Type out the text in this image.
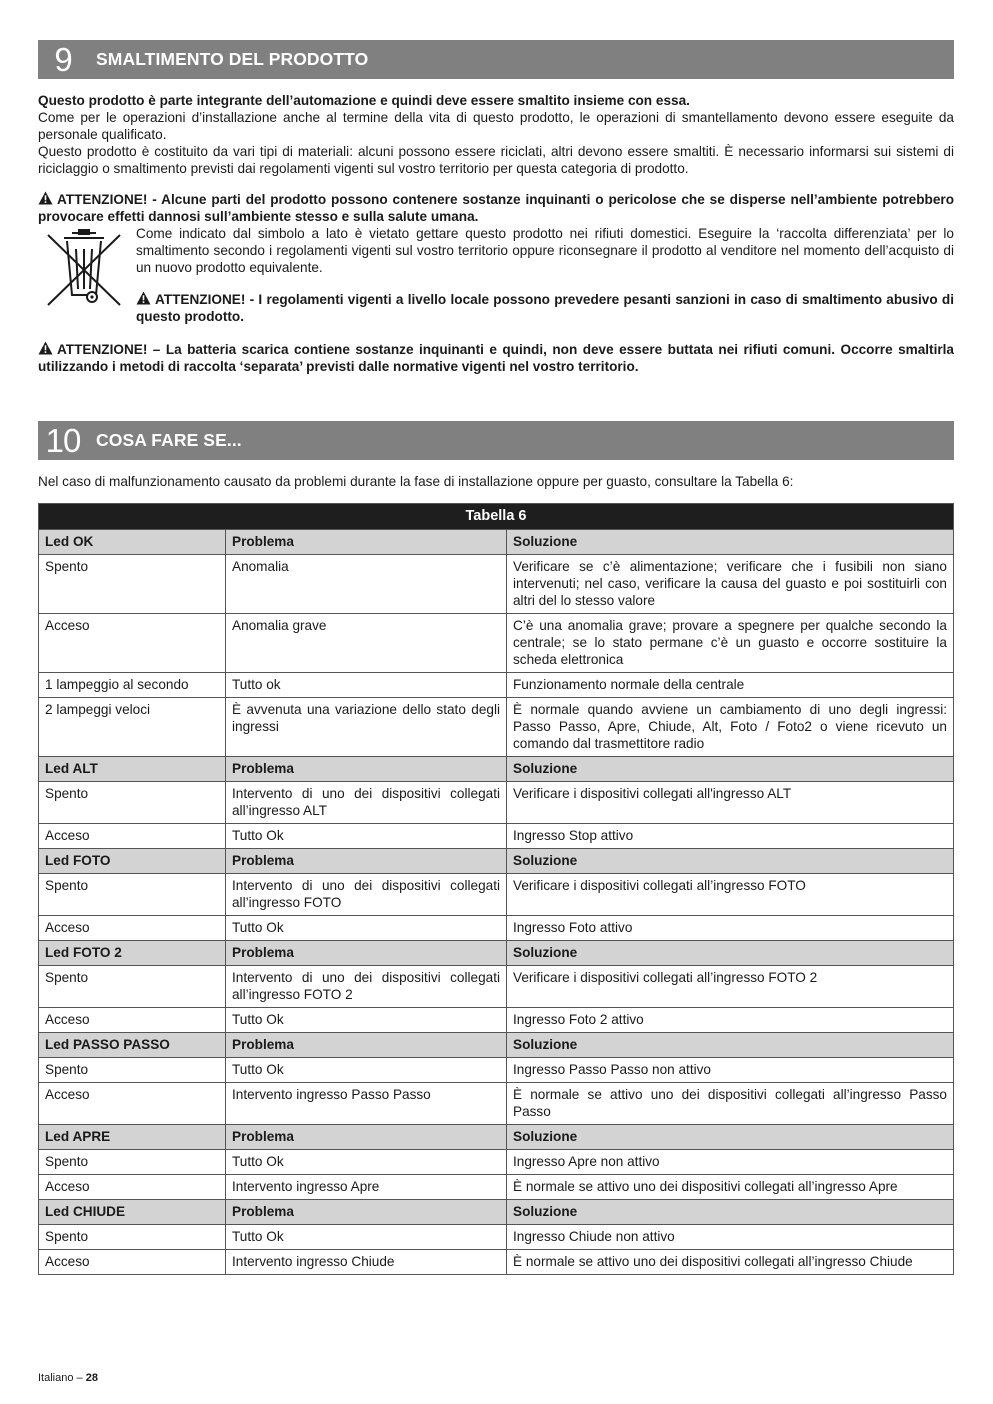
9	SMALTIMENTO DEL PRODOTTO
Questo prodotto è parte integrante dell’automazione e quindi deve essere smaltito insieme con essa.
Come per le operazioni d’installazione anche al termine della vita di questo prodotto, le operazioni di smantellamento devono essere eseguite da personale qualificato.
Questo prodotto è costituito da vari tipi di materiali: alcuni possono essere riciclati, altri devono essere smaltiti. È necessario informarsi sui sistemi di riciclaggio o smaltimento previsti dai regolamenti vigenti sul vostro territorio per questa categoria di prodotto.
ATTENZIONE! - Alcune parti del prodotto possono contenere sostanze inquinanti o pericolose che se disperse nell’ambiente potrebbero provocare effetti dannosi sull’ambiente stesso e sulla salute umana.
Come indicato dal simbolo a lato è vietato gettare questo prodotto nei rifiuti domestici. Eseguire la ‘raccolta differenziata’ per lo smaltimento secondo i regolamenti vigenti sul vostro territorio oppure riconsegnare il prodotto al venditore nel momento dell’acquisto di un nuovo prodotto equivalente.
ATTENZIONE! - I regolamenti vigenti a livello locale possono prevedere pesanti sanzioni in caso di smaltimento abusivo di questo prodotto.
ATTENZIONE! – La batteria scarica contiene sostanze inquinanti e quindi, non deve essere buttata nei rifiuti comuni. Occorre smaltirla utilizzando i metodi di raccolta ‘separata’ previsti dalle normative vigenti nel vostro territorio.
10 COSA FARE SE...
Nel caso di malfunzionamento causato da problemi durante la fase di installazione oppure per guasto, consultare la Tabella 6:
Tabella 6		
Led OK	Problema	Soluzione
Spento	Anomalia	Verificare se c’è alimentazione; verificare che i fusibili non siano intervenuti; nel caso, verificare la causa del guasto e poi sostituirli con altri del lo stesso valore
Acceso	Anomalia grave	C’è una anomalia grave; provare a spegnere per qualche secondo la centrale; se lo stato permane c’è un guasto e occorre sostituire la scheda elettronica
1 lampeggio al secondo	Tutto ok	Funzionamento normale della centrale
2 lampeggi veloci	È avvenuta una variazione dello stato degli ingressi	È normale quando avviene un cambiamento di uno degli ingressi: Passo Passo, Apre, Chiude, Alt, Foto / Foto2 o viene ricevuto un comando dal trasmettitore radio
Led ALT	Problema	Soluzione
Spento	Intervento di uno dei dispositivi collegati all’ingresso ALT	Verificare i dispositivi collegati all'ingresso ALT
Acceso	Tutto Ok	Ingresso Stop attivo
Led FOTO	Problema	Soluzione
Spento	Intervento di uno dei dispositivi collegati all’ingresso FOTO	Verificare i dispositivi collegati all’ingresso FOTO
Acceso	Tutto Ok	Ingresso Foto attivo
Led FOTO 2	Problema	Soluzione
Spento	Intervento di uno dei dispositivi collegati all’ingresso FOTO 2	Verificare i dispositivi collegati all’ingresso FOTO 2
Acceso	Tutto Ok	Ingresso Foto 2 attivo
Led PASSO PASSO	Problema	Soluzione
Spento	Tutto Ok	Ingresso Passo Passo non attivo
Acceso	Intervento ingresso Passo Passo	È normale se attivo uno dei dispositivi collegati all’ingresso Passo Passo
Led APRE	Problema	Soluzione
Spento	Tutto Ok	Ingresso Apre non attivo
Acceso	Intervento ingresso Apre	È normale se attivo uno dei dispositivi collegati all’ingresso Apre
Led CHIUDE	Problema	Soluzione
Spento	Tutto Ok	Ingresso Chiude non attivo
Acceso	Intervento ingresso Chiude	È normale se attivo uno dei dispositivi collegati all’ingresso Chiude
Italiano – 28
